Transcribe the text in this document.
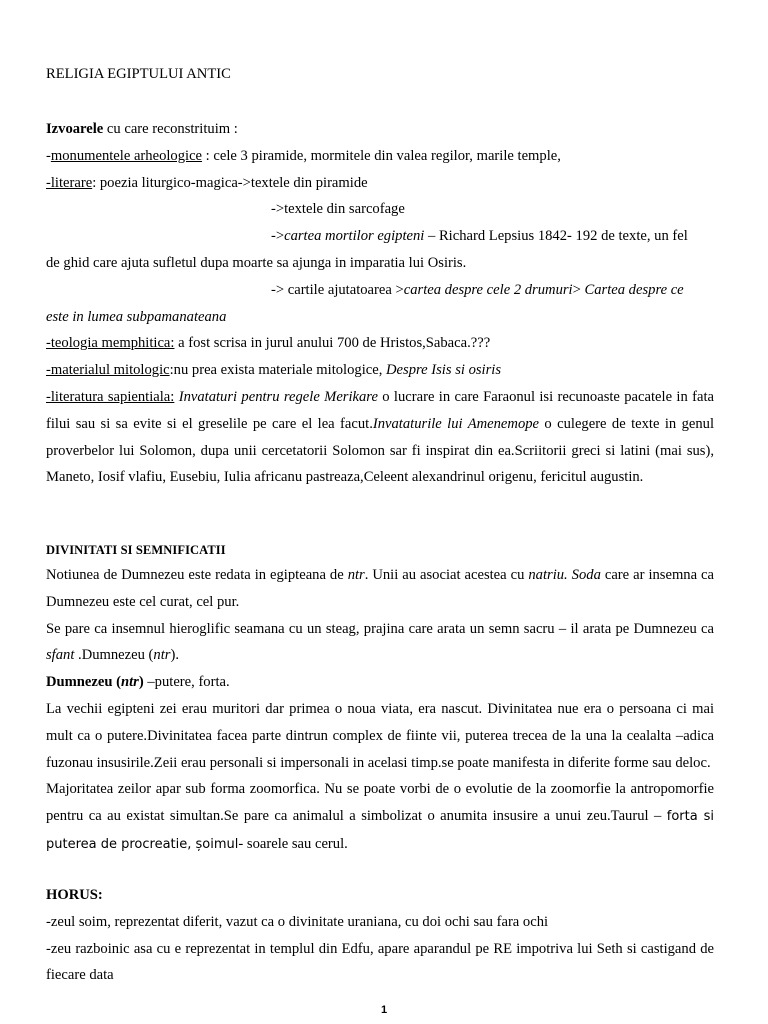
RELIGIA EGIPTULUI ANTIC

Izvoarele cu care reconstrituim :

-monumentele arheologice : cele 3 piramide, mormitele din valea regilor, marile temple,

-literare: poezia liturgico-magica->textele din piramide

->textele din sarcofage

->cartea mortilor egipteni – Richard Lepsius 1842- 192 de texte, un fel
de ghid care ajuta sufletul dupa moarte sa ajunga in imparatia lui Osiris.

-> cartile ajutatoarea >cartea despre cele 2 drumuri> Cartea despre ce
este in lumea subpamanateana

-teologia memphitica: a fost scrisa in jurul anului 700 de Hristos,Sabaca.???

-materialul mitologic:nu prea exista materiale mitologice, Despre Isis si osiris

-literatura sapientiala: Invataturi pentru regele Merikare o lucrare in care Faraonul isi recunoaste pacatele in fata filui sau si sa evite si el greselile pe care el lea facut.Invataturile lui Amenemope o culegere de texte in genul proverbelor lui Solomon, dupa unii cercetatorii Solomon sar fi inspirat din ea.Scriitorii greci si latini (mai sus), Maneto, Iosif vlafiu, Eusebiu, Iulia africanu pastreaza,Celeent alexandrinul origenu, fericitul augustin.

DIVINITATI SI SEMNIFICATII

Notiunea de Dumnezeu este redata in egipteana de ntr. Unii au asociat acestea cu natriu. Soda care ar insemna ca Dumnezeu este cel curat, cel pur.

Se pare ca insemnul hieroglific seamana cu un steag, prajina care arata un semn sacru – il arata pe Dumnezeu ca sfant .Dumnezeu (ntr).

Dumnezeu (ntr) –putere, forta.

La vechii egipteni zei erau muritori dar primea o noua viata, era nascut. Divinitatea nue era o persoana ci mai mult ca o putere.Divinitatea facea parte dintrun complex de fiinte vii, puterea trecea de la una la cealalta –adica fuzonau insusirile.Zeii erau personali si impersonali in acelasi timp.se poate manifesta in diferite forme sau deloc.

Majoritatea zeilor apar sub forma zoomorfica. Nu se poate vorbi de o evolutie de la zoomorfie la antropomorfie pentru ca au existat simultan.Se pare ca animalul a simbolizat o anumita insusire a unui zeu.Taurul – forta si puterea de procreatie, șoimul- soarele sau cerul.

HORUS:

-zeul soim, reprezentat diferit, vazut ca o divinitate uraniana, cu doi ochi sau fara ochi

-zeu razboinic asa cu e reprezentat in templul din Edfu, apare aparandul pe RE impotriva lui Seth si castigand de fiecare data

1
